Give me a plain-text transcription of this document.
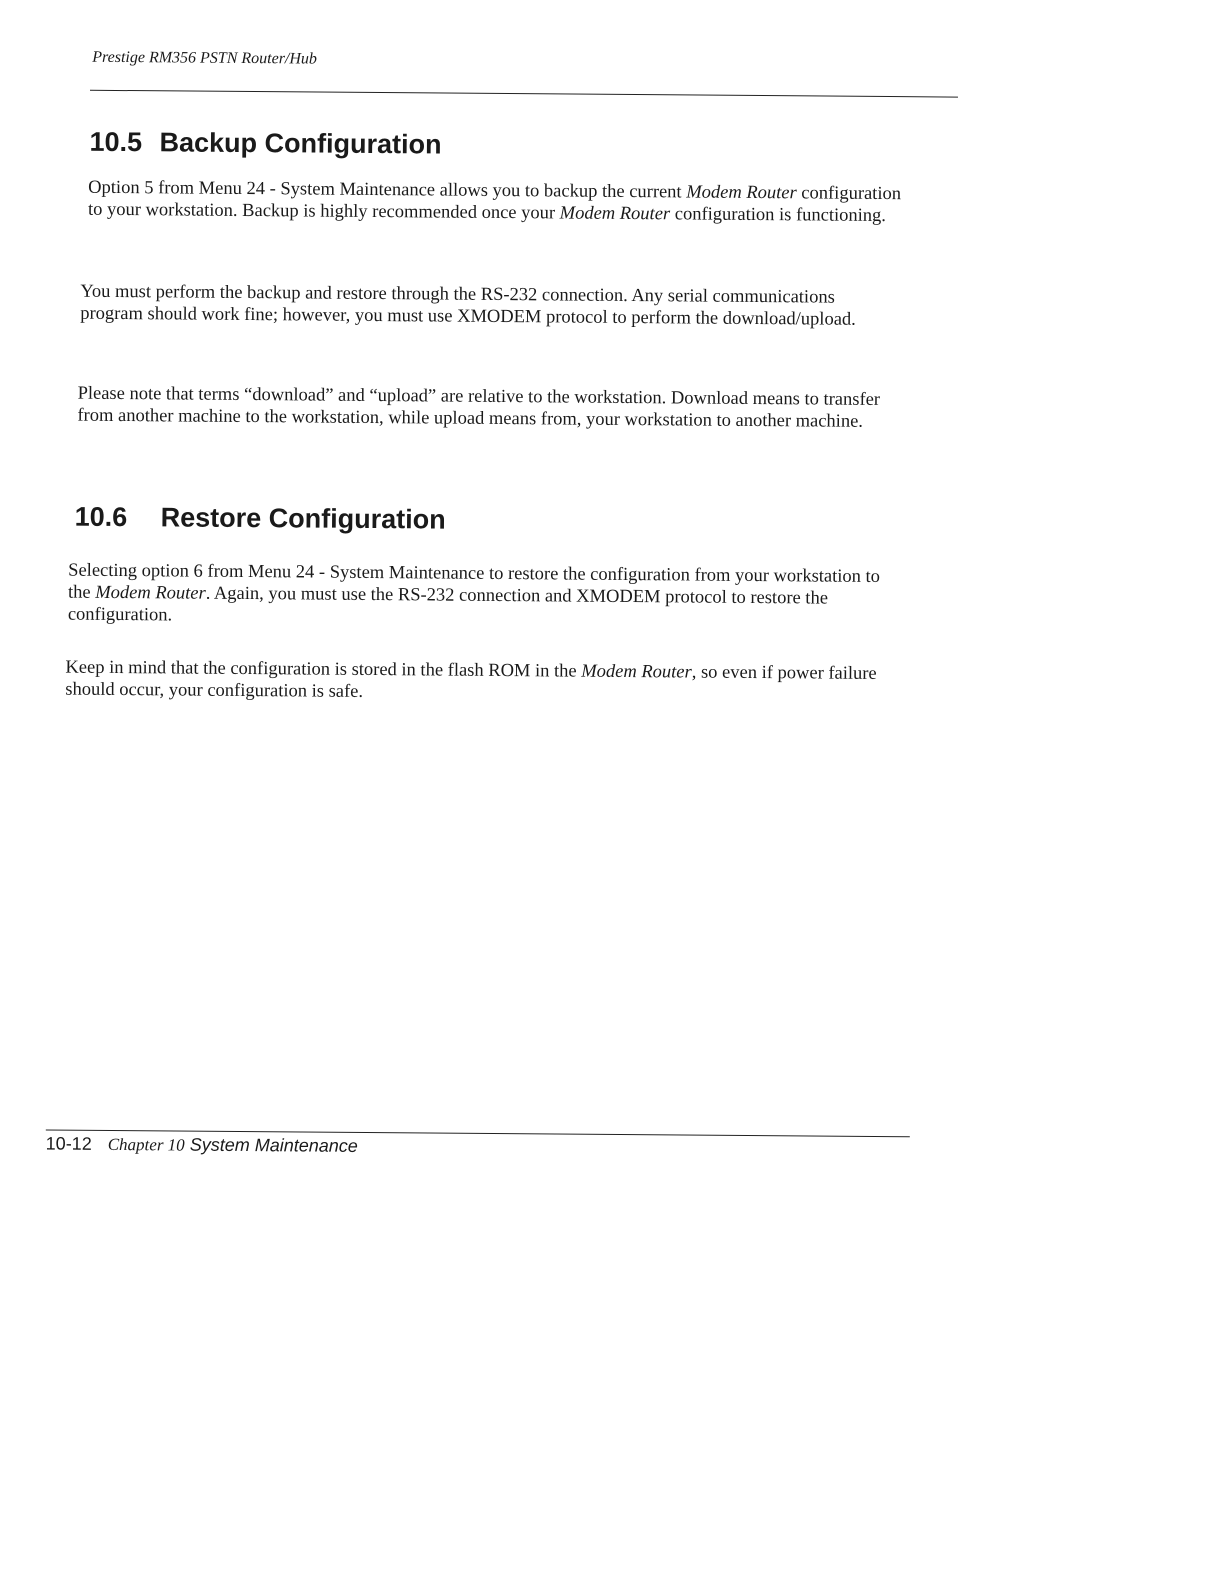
Prestige RM356 PSTN Router/Hub
10.5 Backup Configuration

Option 5 from Menu 24 - System Maintenance allows you to backup the current Modem Router configuration to your workstation. Backup is highly recommended once your Modem Router configuration is functioning.

You must perform the backup and restore through the RS-232 connection. Any serial communications program should work fine; however, you must use XMODEM protocol to perform the download/upload.

Please note that terms “download” and “upload” are relative to the workstation. Download means to transfer from another machine to the workstation, while upload means from, your workstation to another machine.

10.6 Restore Configuration

Selecting option 6 from Menu 24 - System Maintenance to restore the configuration from your workstation to the Modem Router. Again, you must use the RS-232 connection and XMODEM protocol to restore the configuration.

Keep in mind that the configuration is stored in the flash ROM in the Modem Router, so even if power failure should occur, your configuration is safe.

10-12 Chapter 10 System Maintenance
